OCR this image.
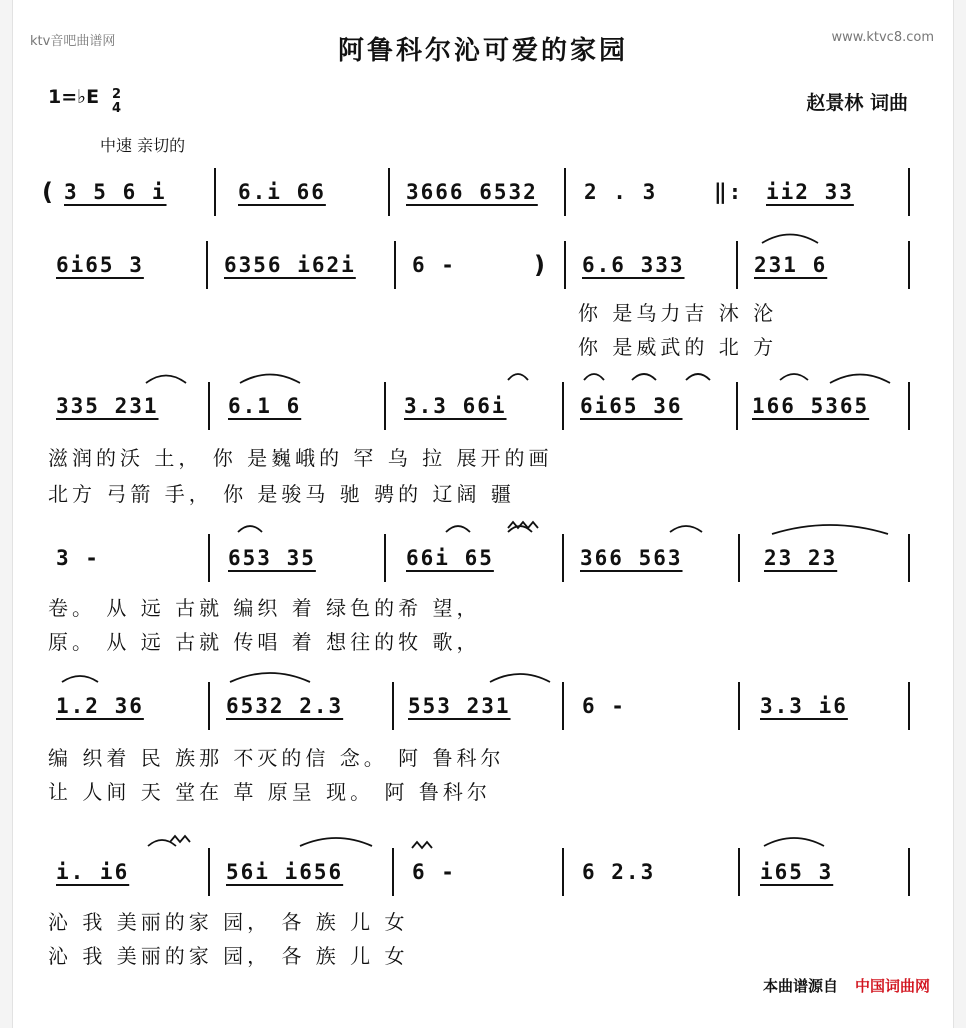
ktv音吧曲谱网	www.ktvc8.com
阿鲁科尔沁可爱的家园
1=♭E 2
4	赵景林 词曲
中速 亲切的
( 3 5 6 i	6.i 66	3666 6532 2 . 3	‖: ii2 33
6i65 3	6356 i62i	6 -	) 6.6 333	231 6
你 是乌力吉 沐 沦
你 是威武的 北 方
335 231	6.1 6	3.3 66i	6i65 36	166 5365
滋润的沃 土， 你 是巍峨的 罕 乌 拉 展开的画
北方 弓箭 手， 你 是骏马 驰 骋的 辽阔 疆
3 -	653 35	66i 65	366 563	23 23
卷。 从 远 古就 编织 着 绿色的希 望，
原。 从 远 古就 传唱 着 想往的牧 歌，
1.2 36	6532 2.3	553 231	6 -	3.3 i6
编 织着 民 族那 不灭的信 念。 阿 鲁科尔
让 人间 天 堂在 草 原呈 现。 阿 鲁科尔
i. i6	56i i656	6 -	6 2.3	i65 3
沁 我 美丽的家 园， 各 族 儿 女
沁 我 美丽的家 园， 各 族 儿 女
本曲谱源自 中国词曲网
